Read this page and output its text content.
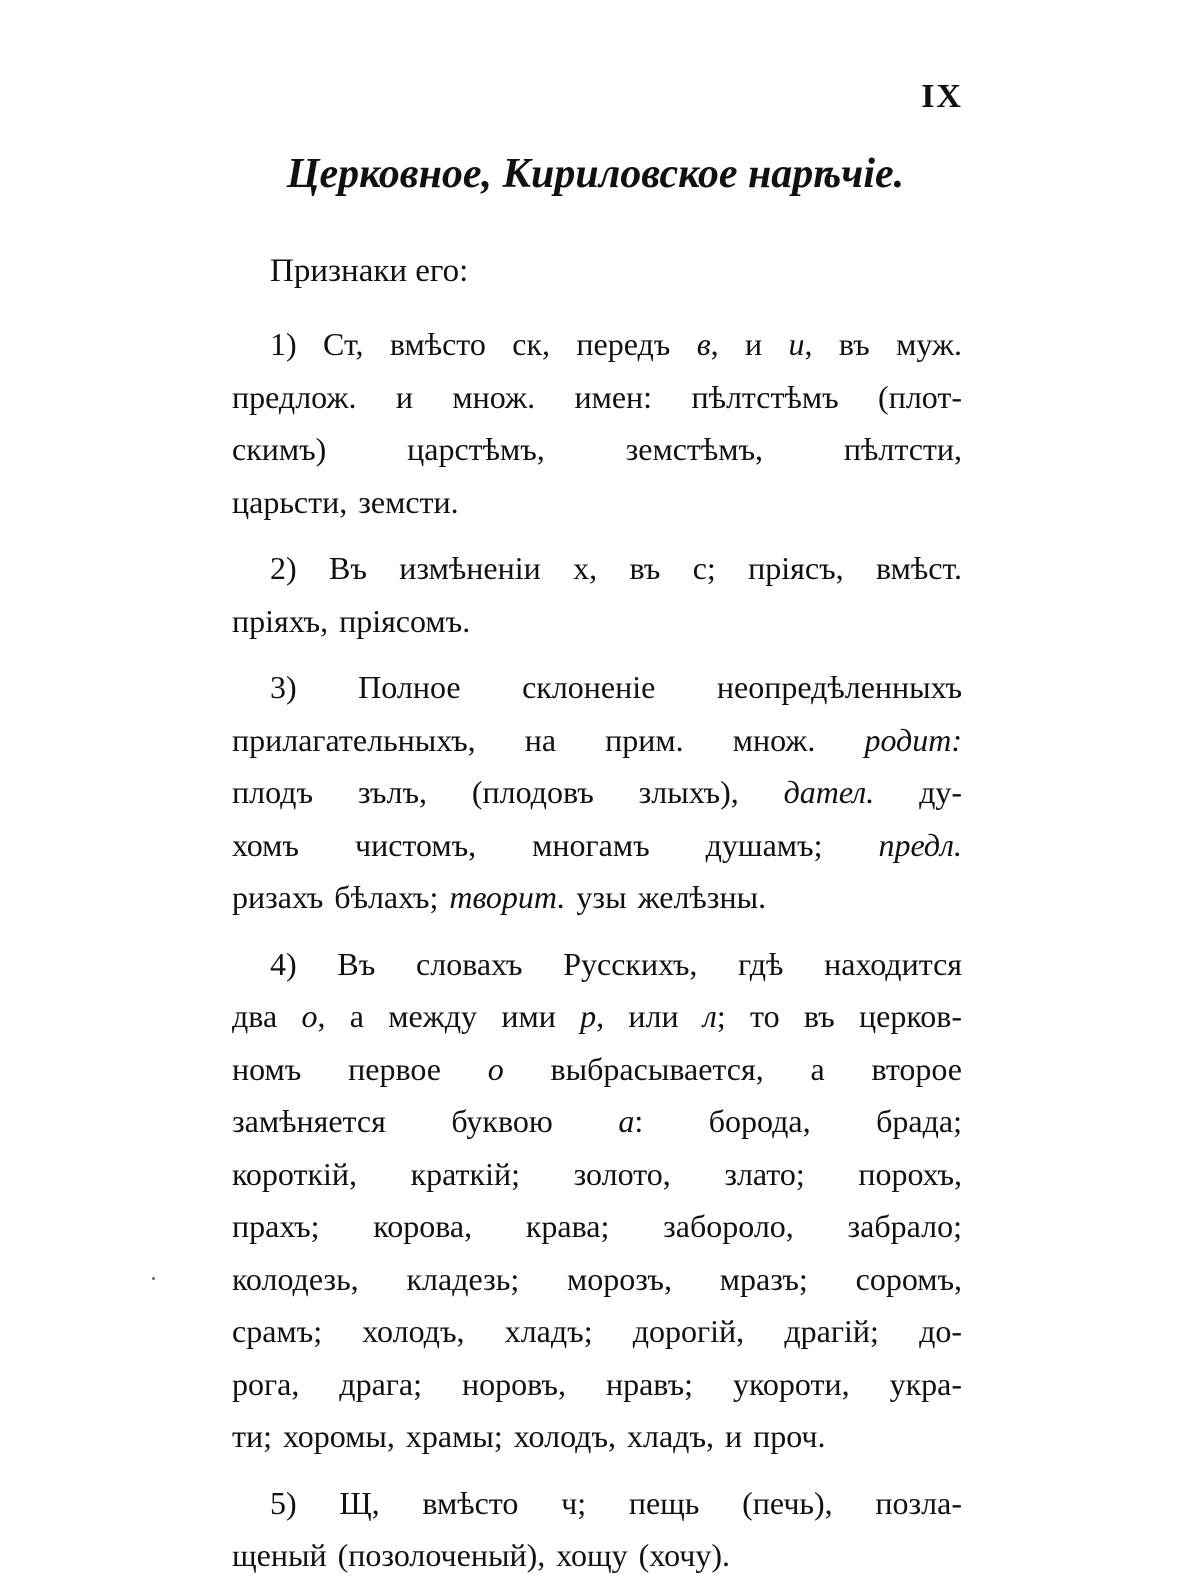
IX
Церковное, Кириловское нарѣчіе.
Признаки его:
1) Ст, вмѣсто ск, передъ в, и и, въ муж.
предлож. и множ. имен: пѣлтстѣмъ (плот-
скимъ) царстѣмъ, земстѣмъ, пѣлтсти,
царьсти, земсти.
2) Въ измѣненіи х, въ с; пріясъ, вмѣст.
пріяхъ, пріясомъ.
3) Полное склоненіе неопредѣленныхъ
прилагательныхъ, на прим. множ. родит:
плодъ зълъ, (плодовъ злыхъ), дател. ду-
хомъ чистомъ, многамъ душамъ; предл.
ризахъ бѣлахъ; творит. узы желѣзны.
4) Въ словахъ Русскихъ, гдѣ находится
два о, а между ими р, или л; то въ церков-
номъ первое о выбрасывается, а второе
замѣняется буквою а: борода, брада;
короткій, краткій; золото, злато; порохъ,
прахъ; корова, крава; забороло, забрало;
колодезь, кладезь; морозъ, мразъ; соромъ,
срамъ; холодъ, хладъ; дорогій, драгій; до-
рога, драга; норовъ, нравъ; укороти, укра-
ти; хоромы, храмы; холодъ, хладъ, и проч.
5) Щ, вмѣсто ч; пещь (печь), позла-
щеный (позолоченый), хощу (хочу).
